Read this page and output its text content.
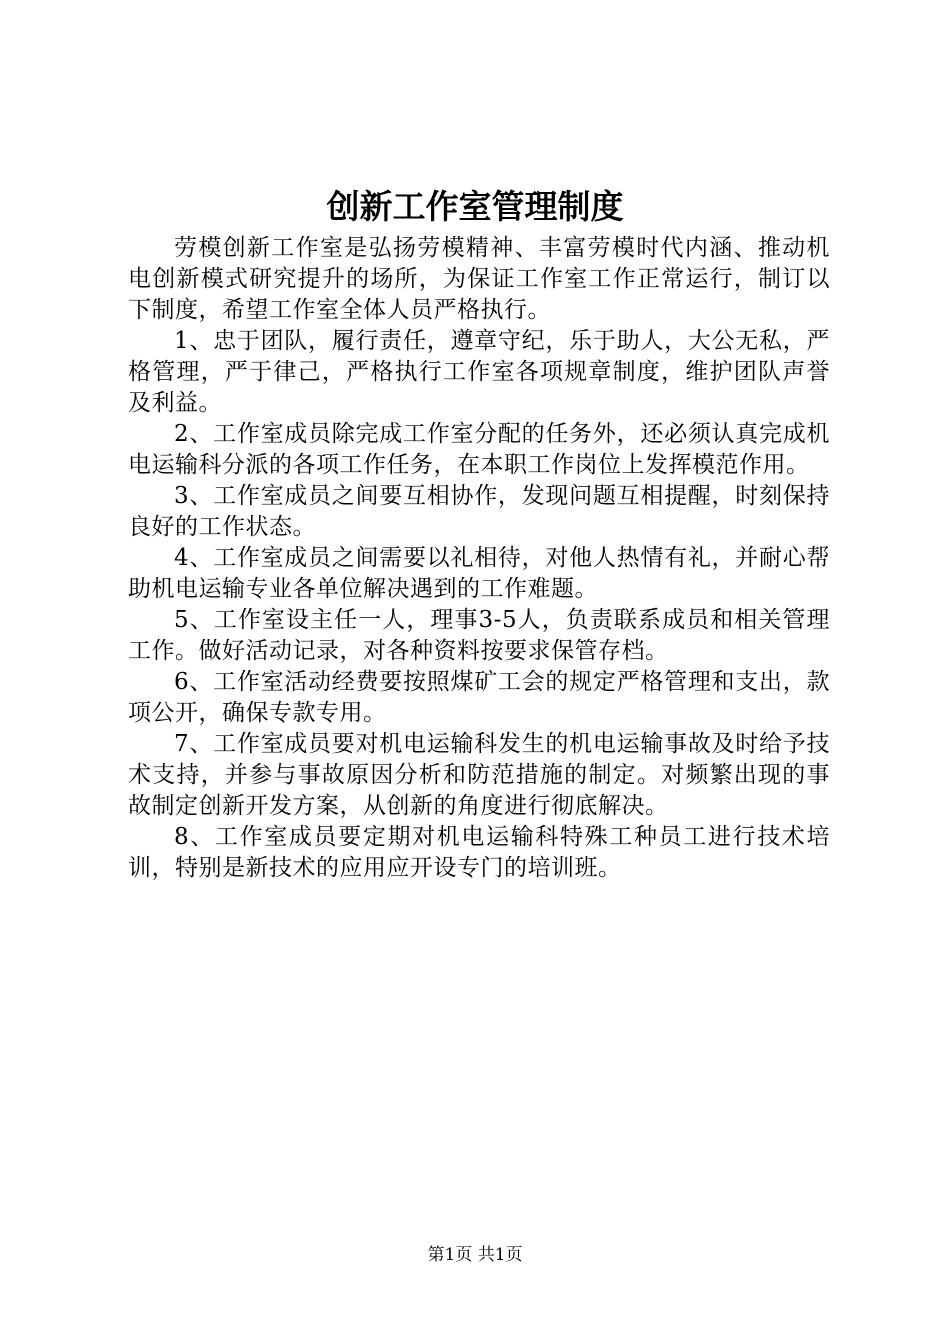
创新工作室管理制度

劳模创新工作室是弘扬劳模精神、丰富劳模时代内涵、推动机电创新模式研究提升的场所，为保证工作室工作正常运行，制订以下制度，希望工作室全体人员严格执行。

1、忠于团队，履行责任，遵章守纪，乐于助人，大公无私，严格管理，严于律己，严格执行工作室各项规章制度，维护团队声誉及利益。

2、工作室成员除完成工作室分配的任务外，还必须认真完成机电运输科分派的各项工作任务，在本职工作岗位上发挥模范作用。

3、工作室成员之间要互相协作，发现问题互相提醒，时刻保持良好的工作状态。

4、工作室成员之间需要以礼相待，对他人热情有礼，并耐心帮助机电运输专业各单位解决遇到的工作难题。

5、工作室设主任一人，理事3-5人，负责联系成员和相关管理工作。做好活动记录，对各种资料按要求保管存档。

6、工作室活动经费要按照煤矿工会的规定严格管理和支出，款项公开，确保专款专用。

7、工作室成员要对机电运输科发生的机电运输事故及时给予技术支持，并参与事故原因分析和防范措施的制定。对频繁出现的事故制定创新开发方案，从创新的角度进行彻底解决。

8、工作室成员要定期对机电运输科特殊工种员工进行技术培训，特别是新技术的应用应开设专门的培训班。

第1页 共1页
